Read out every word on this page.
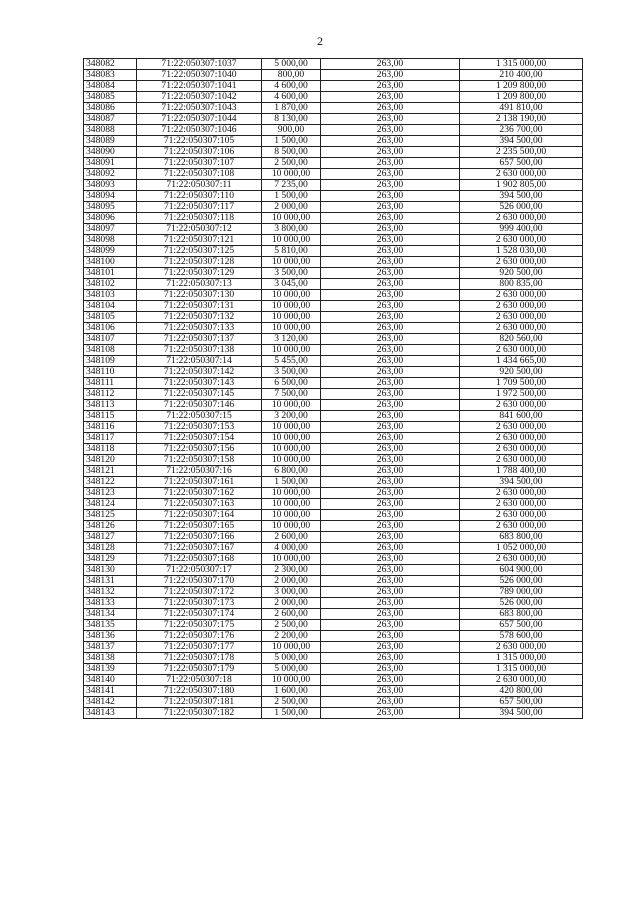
2
348082	71:22:050307:1037	5 000,00	263,00	1 315 000,00
348083	71:22:050307:1040	800,00	263,00	210 400,00
348084	71:22:050307:1041	4 600,00	263,00	1 209 800,00
348085	71:22:050307:1042	4 600,00	263,00	1 209 800,00
348086	71:22:050307:1043	1 870,00	263,00	491 810,00
348087	71:22:050307:1044	8 130,00	263,00	2 138 190,00
348088	71:22:050307:1046	900,00	263,00	236 700,00
348089	71:22:050307:105	1 500,00	263,00	394 500,00
348090	71:22:050307:106	8 500,00	263,00	2 235 500,00
348091	71:22:050307:107	2 500,00	263,00	657 500,00
348092	71:22:050307:108	10 000,00	263,00	2 630 000,00
348093	71:22:050307:11	7 235,00	263,00	1 902 805,00
348094	71:22:050307:110	1 500,00	263,00	394 500,00
348095	71:22:050307:117	2 000,00	263,00	526 000,00
348096	71:22:050307:118	10 000,00	263,00	2 630 000,00
348097	71:22:050307:12	3 800,00	263,00	999 400,00
348098	71:22:050307:121	10 000,00	263,00	2 630 000,00
348099	71:22:050307:125	5 810,00	263,00	1 528 030,00
348100	71:22:050307:128	10 000,00	263,00	2 630 000,00
348101	71:22:050307:129	3 500,00	263,00	920 500,00
348102	71:22:050307:13	3 045,00	263,00	800 835,00
348103	71:22:050307:130	10 000,00	263,00	2 630 000,00
348104	71:22:050307:131	10 000,00	263,00	2 630 000,00
348105	71:22:050307:132	10 000,00	263,00	2 630 000,00
348106	71:22:050307:133	10 000,00	263,00	2 630 000,00
348107	71:22:050307:137	3 120,00	263,00	820 560,00
348108	71:22:050307:138	10 000,00	263,00	2 630 000,00
348109	71:22:050307:14	5 455,00	263,00	1 434 665,00
348110	71:22:050307:142	3 500,00	263,00	920 500,00
348111	71:22:050307:143	6 500,00	263,00	1 709 500,00
348112	71:22:050307:145	7 500,00	263,00	1 972 500,00
348113	71:22:050307:146	10 000,00	263,00	2 630 000,00
348115	71:22:050307:15	3 200,00	263,00	841 600,00
348116	71:22:050307:153	10 000,00	263,00	2 630 000,00
348117	71:22:050307:154	10 000,00	263,00	2 630 000,00
348118	71:22:050307:156	10 000,00	263,00	2 630 000,00
348120	71:22:050307:158	10 000,00	263,00	2 630 000,00
348121	71:22:050307:16	6 800,00	263,00	1 788 400,00
348122	71:22:050307:161	1 500,00	263,00	394 500,00
348123	71:22:050307:162	10 000,00	263,00	2 630 000,00
348124	71:22:050307:163	10 000,00	263,00	2 630 000,00
348125	71:22:050307:164	10 000,00	263,00	2 630 000,00
348126	71:22:050307:165	10 000,00	263,00	2 630 000,00
348127	71:22:050307:166	2 600,00	263,00	683 800,00
348128	71:22:050307:167	4 000,00	263,00	1 052 000,00
348129	71:22:050307:168	10 000,00	263,00	2 630 000,00
348130	71:22:050307:17	2 300,00	263,00	604 900,00
348131	71:22:050307:170	2 000,00	263,00	526 000,00
348132	71:22:050307:172	3 000,00	263,00	789 000,00
348133	71:22:050307:173	2 000,00	263,00	526 000,00
348134	71:22:050307:174	2 600,00	263,00	683 800,00
348135	71:22:050307:175	2 500,00	263,00	657 500,00
348136	71:22:050307:176	2 200,00	263,00	578 600,00
348137	71:22:050307:177	10 000,00	263,00	2 630 000,00
348138	71:22:050307:178	5 000,00	263,00	1 315 000,00
348139	71:22:050307:179	5 000,00	263,00	1 315 000,00
348140	71:22:050307:18	10 000,00	263,00	2 630 000,00
348141	71:22:050307:180	1 600,00	263,00	420 800,00
348142	71:22:050307:181	2 500,00	263,00	657 500,00
348143	71:22:050307:182	1 500,00	263,00	394 500,00
